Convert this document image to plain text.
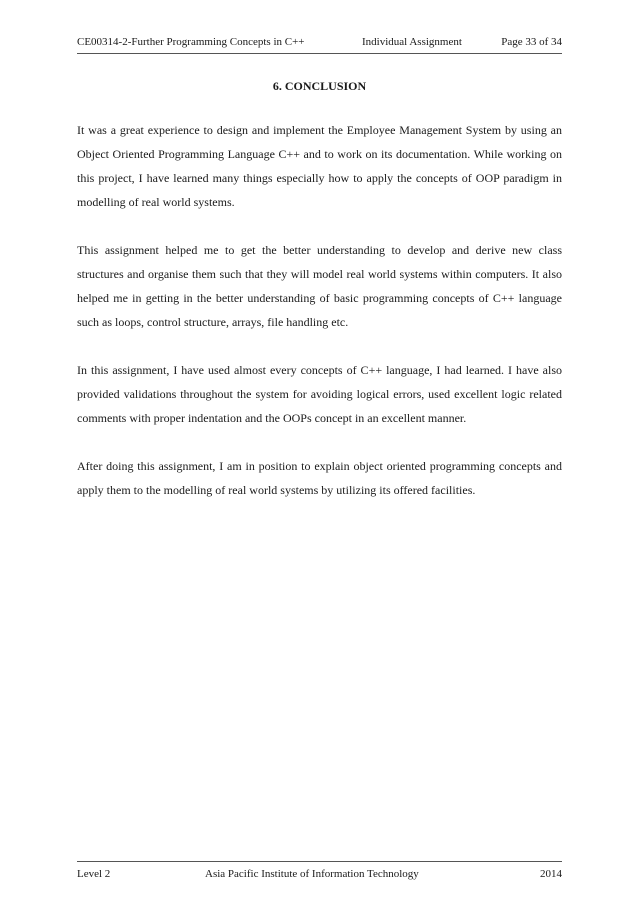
CE00314-2-Further Programming Concepts in C++	Individual Assignment	Page 33 of 34
6. CONCLUSION

It was a great experience to design and implement the Employee Management System by using an Object Oriented Programming Language C++ and to work on its documentation. While working on this project, I have learned many things especially how to apply the concepts of OOP paradigm in modelling of real world systems.

This assignment helped me to get the better understanding to develop and derive new class structures and organise them such that they will model real world systems within computers. It also helped me in getting in the better understanding of basic programming concepts of C++ language such as loops, control structure, arrays, file handling etc.

In this assignment, I have used almost every concepts of C++ language, I had learned. I have also provided validations throughout the system for avoiding logical errors, used excellent logic related comments with proper indentation and the OOPs concept in an excellent manner.

After doing this assignment, I am in position to explain object oriented programming concepts and apply them to the modelling of real world systems by utilizing its offered facilities.

Level 2	Asia Pacific Institute of Information Technology	2014
